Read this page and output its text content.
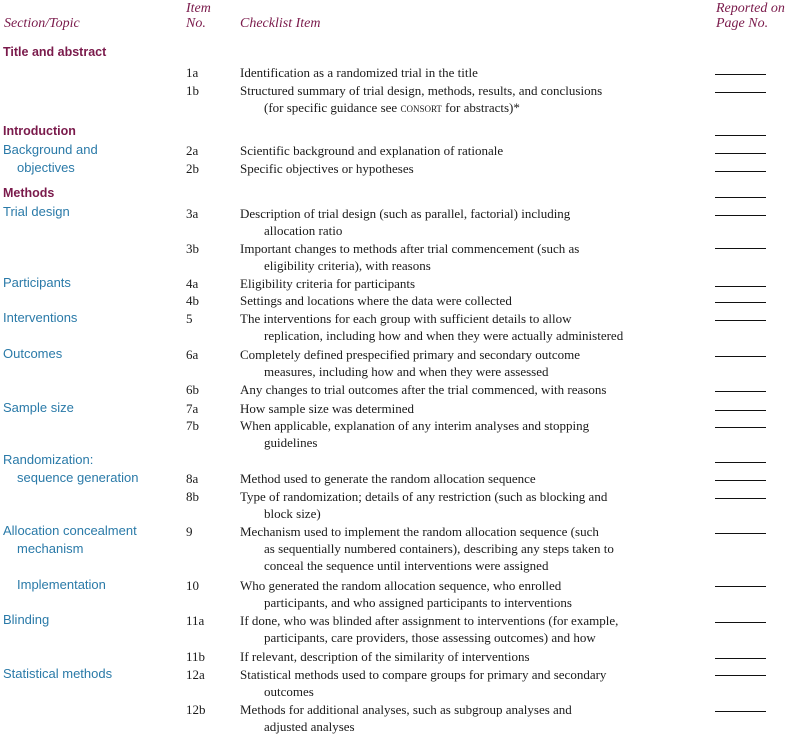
Section/Topic
Item
No. Checklist Item
Reported on
Page No.
Title and abstract
Introduction
Methods
Background and
objectives
Trial design
Participants
Interventions
Outcomes
Sample size
Randomization:
sequence generation
Allocation concealment
mechanism
Implementation
Blinding
Statistical methods
1a
1b
2a
2b
3a
3b
4a
4b
5
6a
6b
7a
7b
8a
8b
9
10
11a
11b
12a
12b
Identification as a randomized trial in the title
Structured summary of trial design, methods, results, and conclusions
(for specific guidance see consort for abstracts)*
Scientific background and explanation of rationale
Specific objectives or hypotheses
Description of trial design (such as parallel, factorial) including
allocation ratio
Important changes to methods after trial commencement (such as
eligibility criteria), with reasons
Eligibility criteria for participants
Settings and locations where the data were collected
The interventions for each group with sufficient details to allow
replication, including how and when they were actually administered
Completely defined prespecified primary and secondary outcome
measures, including how and when they were assessed
Any changes to trial outcomes after the trial commenced, with reasons
How sample size was determined
When applicable, explanation of any interim analyses and stopping
guidelines
Method used to generate the random allocation sequence
Type of randomization; details of any restriction (such as blocking and
block size)
Mechanism used to implement the random allocation sequence (such
as sequentially numbered containers), describing any steps taken to
conceal the sequence until interventions were assigned
Who generated the random allocation sequence, who enrolled
participants, and who assigned participants to interventions
If done, who was blinded after assignment to interventions (for example,
participants, care providers, those assessing outcomes) and how
If relevant, description of the similarity of interventions
Statistical methods used to compare groups for primary and secondary
outcomes
Methods for additional analyses, such as subgroup analyses and
adjusted analyses
